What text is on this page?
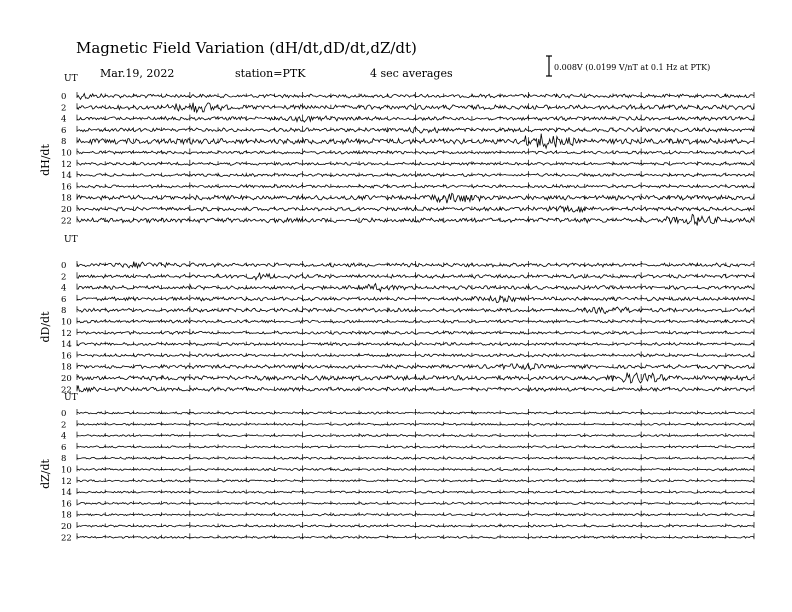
Magnetic Field Variation (dH/dt,dD/dt,dZ/dt)
Mar.19, 2022	station=PTK	4 sec averages	0.008V (0.0199 V/nT at 0.1 Hz at PTK)
UT
dH/dt
0
2
4
6
8
10
12
14
16
18
20
22
UT
dD/dt
0
2
4
6
8
10
12
14
16
18
20
22
UT
dZ/dt
0
2
4
6
8
10
12
14
16
18
20
22
